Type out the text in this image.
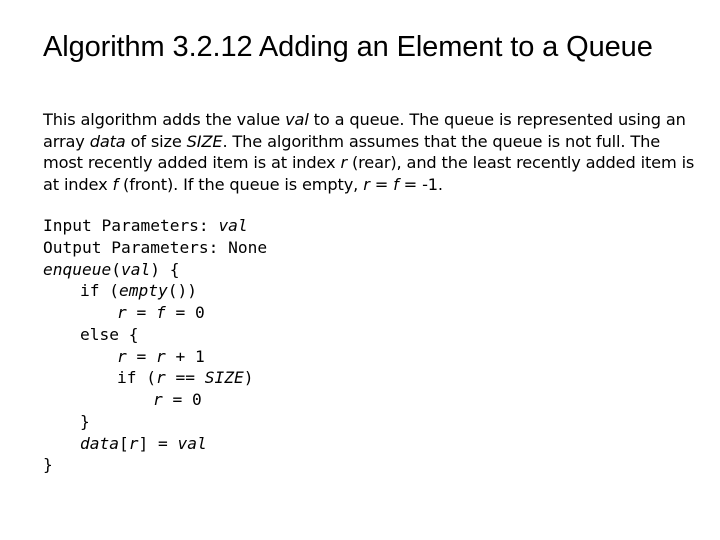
Algorithm 3.2.12 Adding an Element to a Queue
This algorithm adds the value val to a queue. The queue is represented using an array data of size SIZE. The algorithm assumes that the queue is not full. The most recently added item is at index r (rear), and the least recently added item is at index f (front). If the queue is empty, r = f = -1.
Input Parameters: val
Output Parameters: None
enqueue(val) {
if (empty())
r = f = 0
else {
r = r + 1
if (r == SIZE)
r = 0
}
data[r] = val
}
